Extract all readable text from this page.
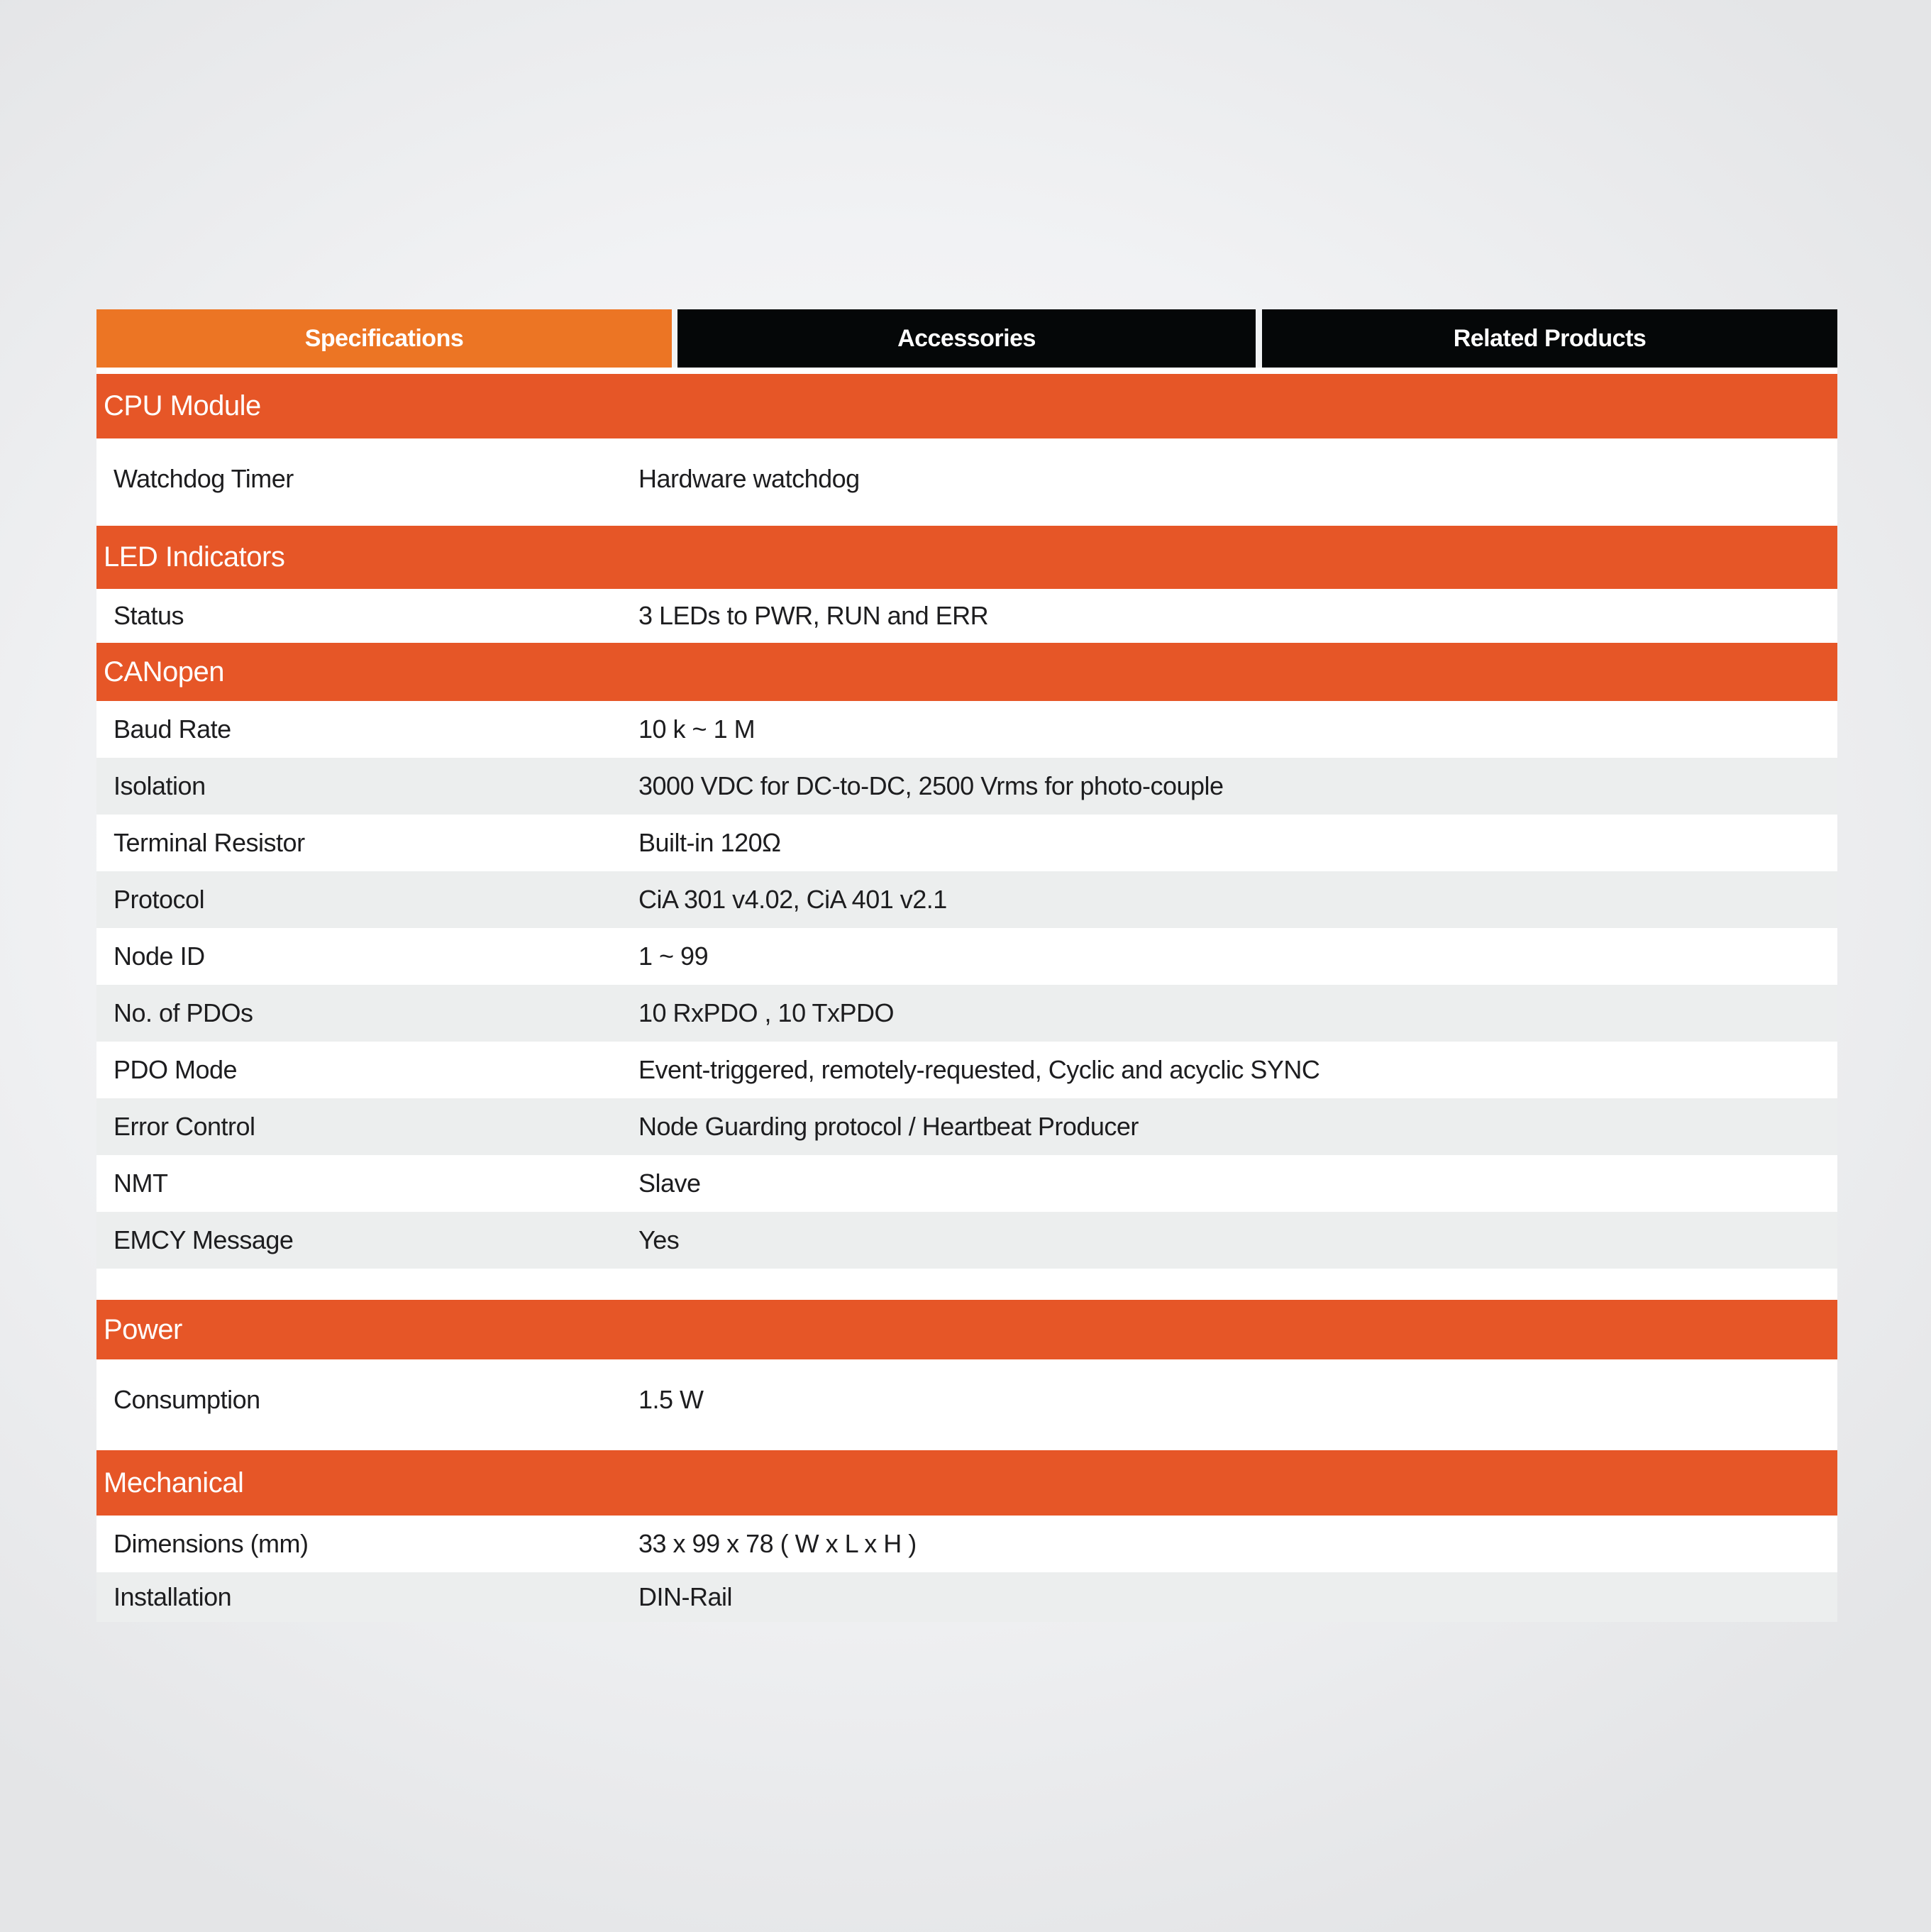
Specifications	Accessories	Related Products
CPU Module
Watchdog Timer	Hardware watchdog
LED Indicators
Status	3 LEDs to PWR, RUN and ERR
CANopen
Baud Rate	10 k ~ 1 M
Isolation	3000 VDC for DC-to-DC, 2500 Vrms for photo-couple
Terminal Resistor	Built-in 120Ω
Protocol	CiA 301 v4.02, CiA 401 v2.1
Node ID	1 ~ 99
No. of PDOs	10 RxPDO , 10 TxPDO
PDO Mode	Event-triggered, remotely-requested, Cyclic and acyclic SYNC
Error Control	Node Guarding protocol / Heartbeat Producer
NMT	Slave
EMCY Message	Yes
Power
Consumption	1.5 W
Mechanical
Dimensions (mm)	33 x 99 x 78 ( W x L x H )
Installation	DIN-Rail
